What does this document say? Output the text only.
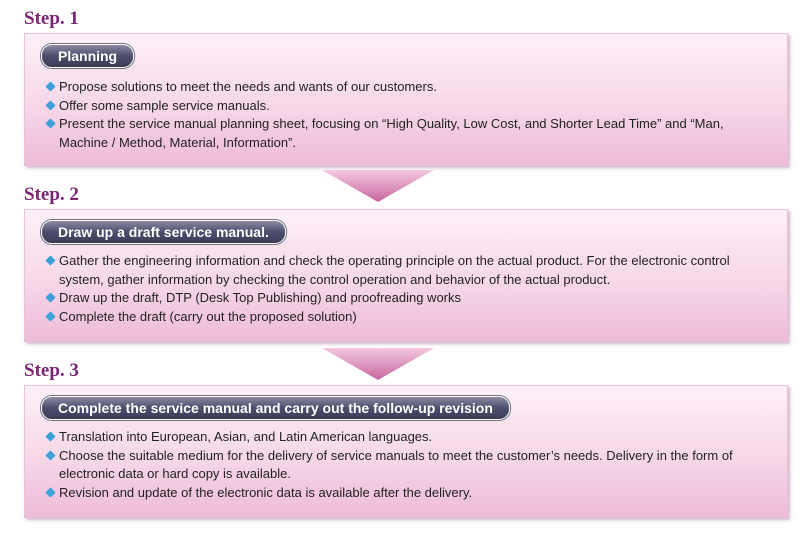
Step. 1
Planning
Propose solutions to meet the needs and wants of our customers.
Offer some sample service manuals.
Present the service manual planning sheet, focusing on “High Quality, Low Cost, and Shorter Lead Time” and “Man, Machine / Method, Material, Information”.
Step. 2
Draw up a draft service manual.
Gather the engineering information and check the operating principle on the actual product. For the electronic control system, gather information by checking the control operation and behavior of the actual product.
Draw up the draft, DTP (Desk Top Publishing) and proofreading works
Complete the draft (carry out the proposed solution)
Step. 3
Complete the service manual and carry out the follow-up revision
Translation into European, Asian, and Latin American languages.
Choose the suitable medium for the delivery of service manuals to meet the customer’s needs. Delivery in the form of electronic data or hard copy is available.
Revision and update of the electronic data is available after the delivery.
